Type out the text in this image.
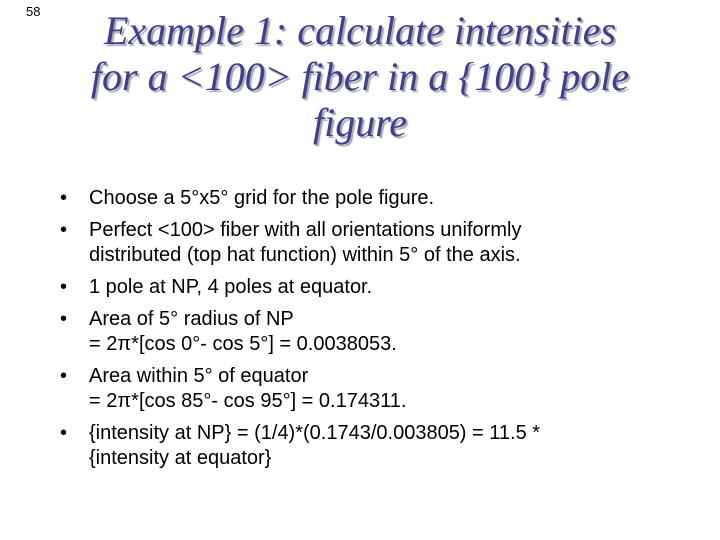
58	Example 1: calculate intensities
for a <100> fiber in a {100} pole
figure
• Choose a 5°x5° grid for the pole figure.
• Perfect <100> fiber with all orientations uniformly
distributed (top hat function) within 5° of the axis.
• 1 pole at NP, 4 poles at equator.
• Area of 5° radius of NP
= 2π*[cos 0°- cos 5°] = 0.0038053.
• Area within 5° of equator
= 2π*[cos 85°- cos 95°] = 0.174311.
• {intensity at NP} = (1/4)*(0.1743/0.003805) = 11.5 *
{intensity at equator}
